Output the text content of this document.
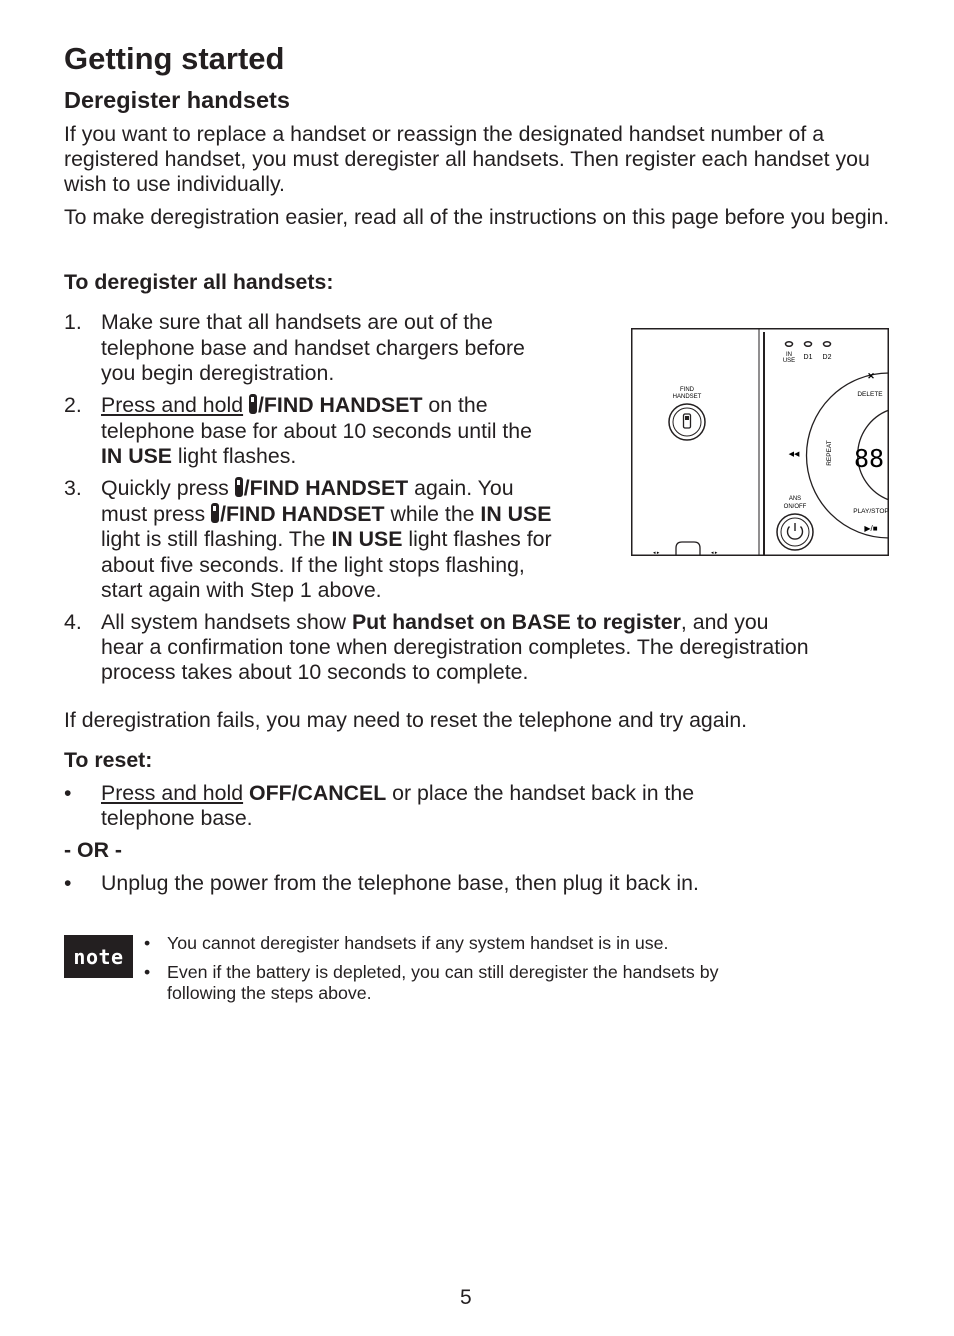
Getting started
Deregister handsets

If you want to replace a handset or reassign the designated handset number of a registered handset, you must deregister all handsets. Then register each handset you wish to use individually.

To make deregistration easier, read all of the instructions on this page before you begin.

To deregister all handsets:
1. Make sure that all handsets are out of the
telephone base and handset chargers before
you begin deregistration.
2. Press and hold /FIND HANDSET on the
telephone base for about 10 seconds until the
IN USE light flashes.
3. Quickly press /FIND HANDSET again. You
must press /FIND HANDSET while the IN USE
light is still flashing. The IN USE light flashes for
about five seconds. If the light stops flashing,
start again with Step 1 above.
4. All system handsets show Put handset on BASE to register, and you
hear a confirmation tone when deregistration completes. The deregistration
process takes about 10 seconds to complete.

If deregistration fails, you may need to reset the telephone and try again.

To reset:
• Press and hold OFF/CANCEL or place the handset back in the
telephone base.
- OR -
• Unplug the power from the telephone base, then plug it back in.
note
• You cannot deregister handsets if any system handset is in use.
• Even if the battery is depleted, you can still deregister the handsets by
following the steps above.
IN
USE D1 D2
✕
DELETE
88
REPEAT
◀◀
PLAY/STOP
▶/■
FIND
HANDSET
ANS
ON/OFF
◂ ▸	◂ ▸
5
